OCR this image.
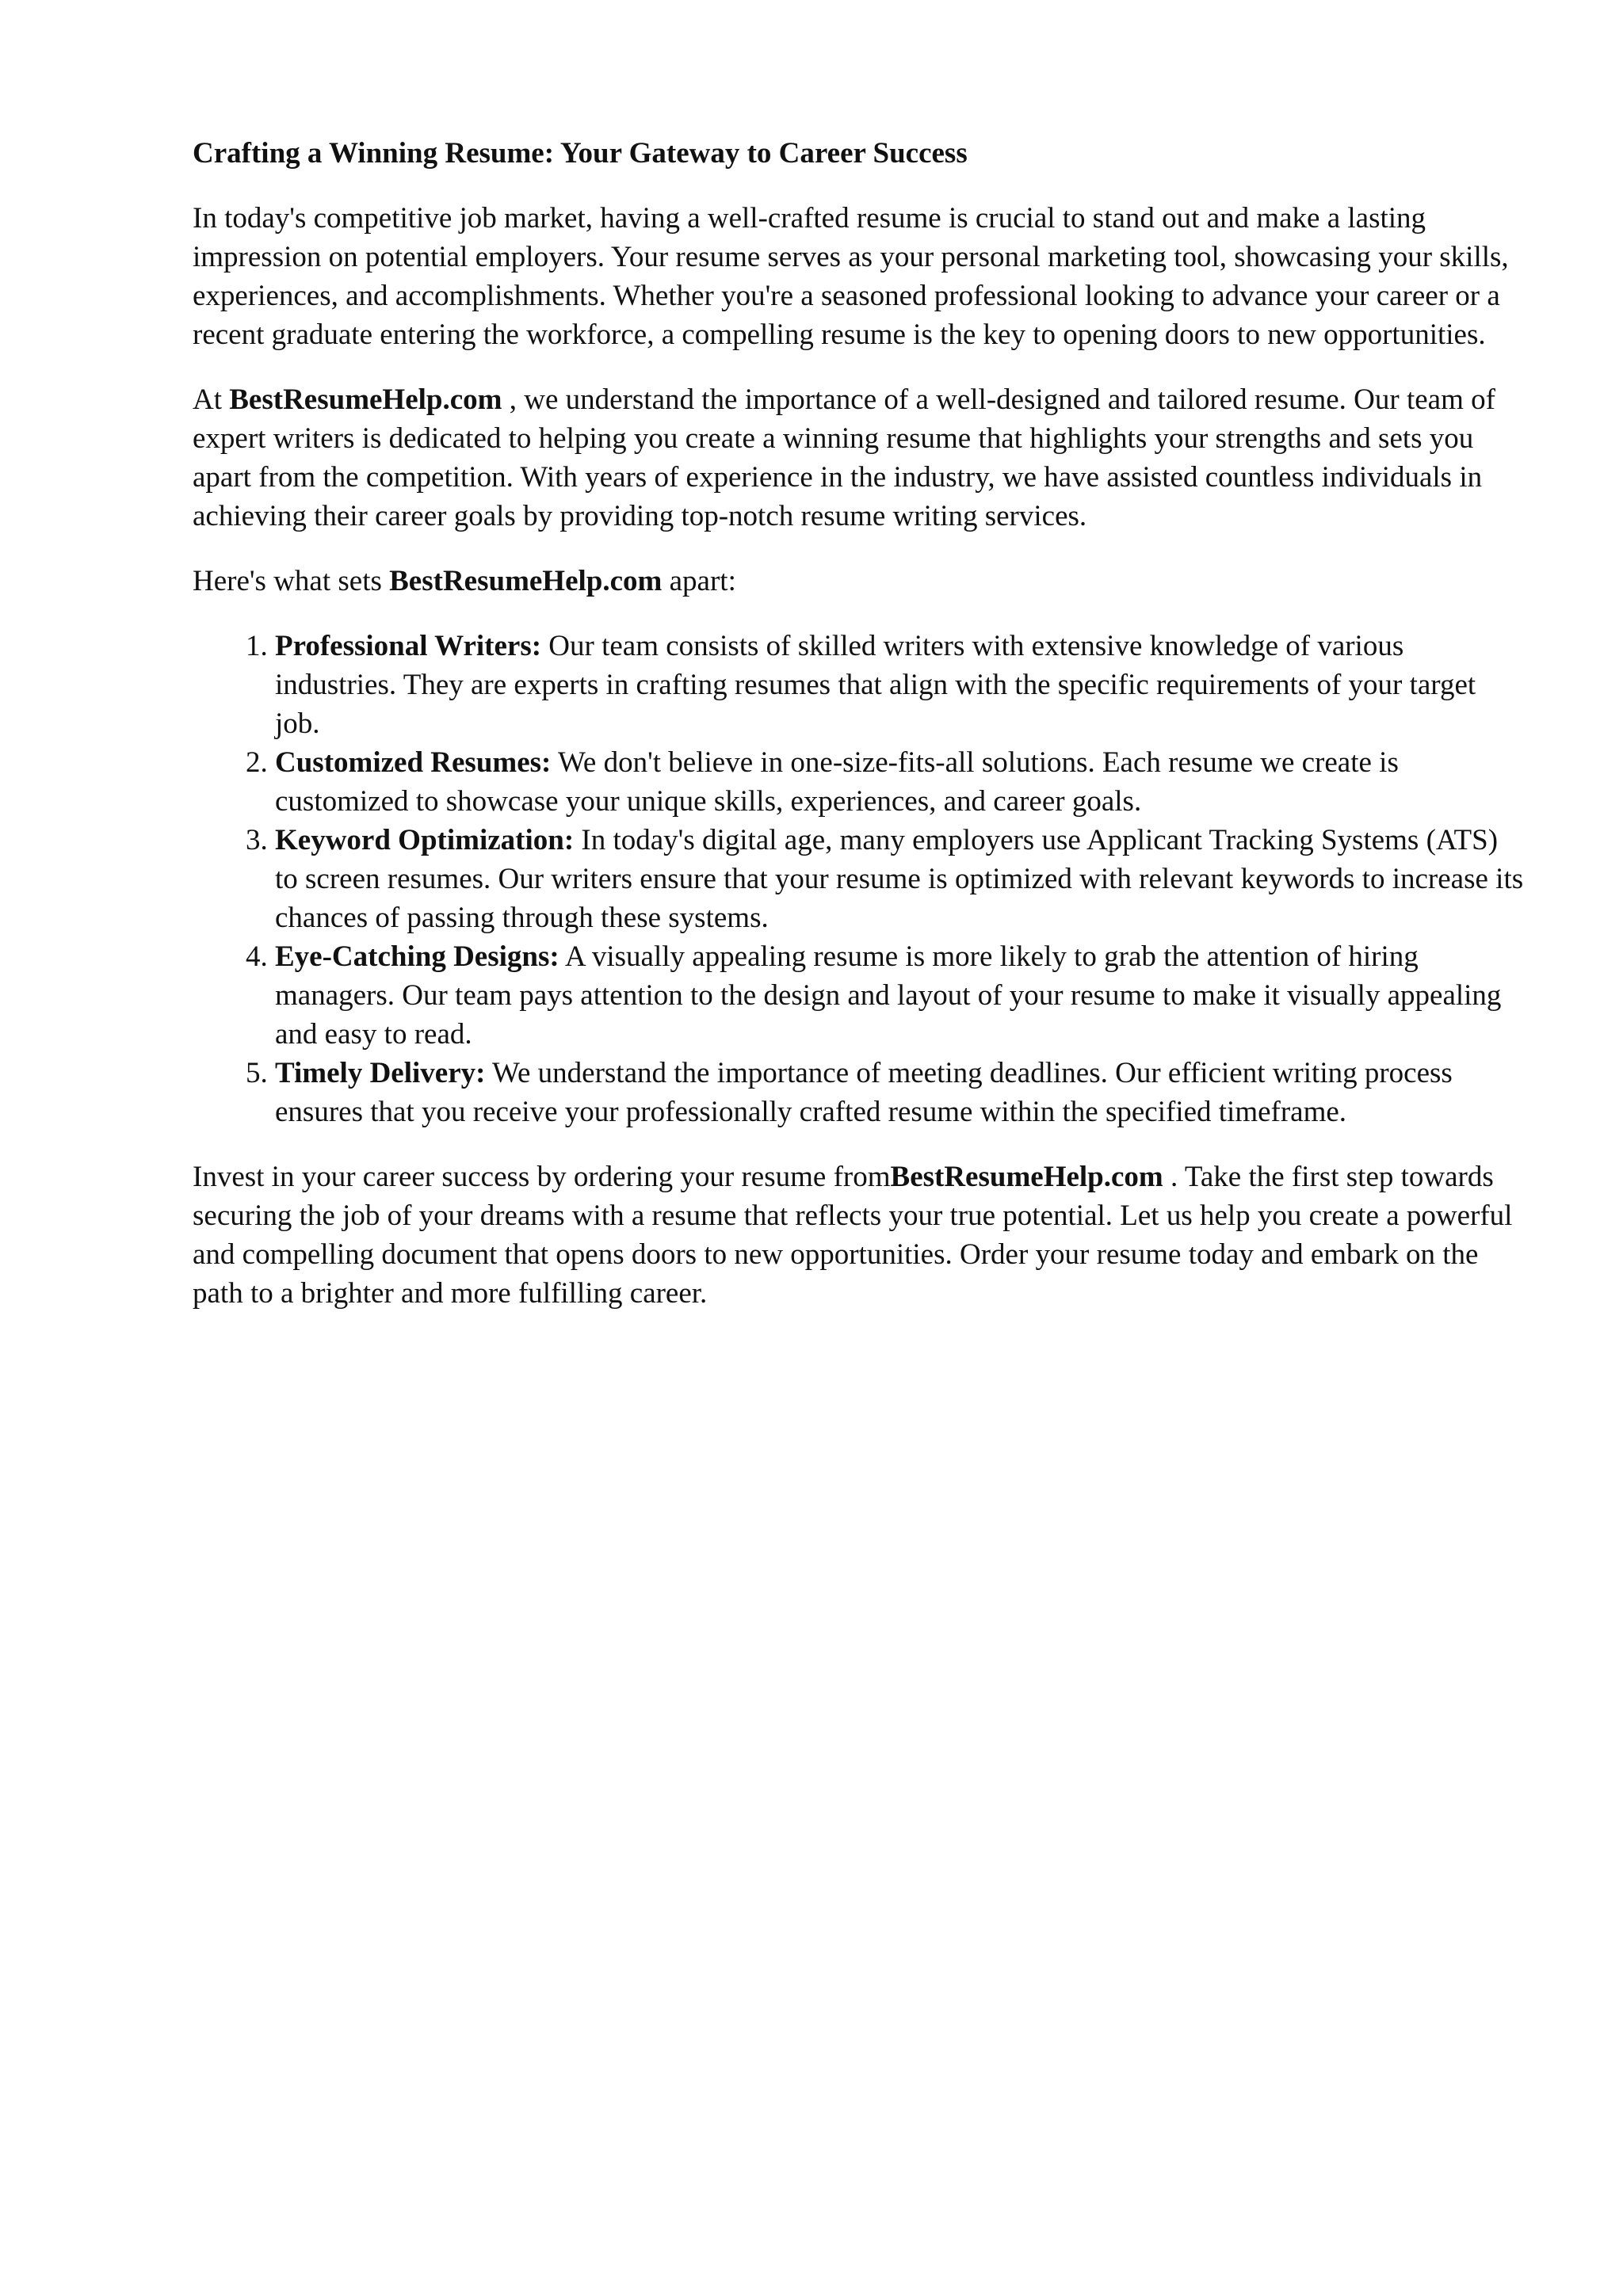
Crafting a Winning Resume: Your Gateway to Career Success

In today's competitive job market, having a well-crafted resume is crucial to stand out and make a lasting impression on potential employers. Your resume serves as your personal marketing tool, showcasing your skills, experiences, and accomplishments. Whether you're a seasoned professional looking to advance your career or a recent graduate entering the workforce, a compelling resume is the key to opening doors to new opportunities.

At BestResumeHelp.com , we understand the importance of a well-designed and tailored resume. Our team of expert writers is dedicated to helping you create a winning resume that highlights your strengths and sets you apart from the competition. With years of experience in the industry, we have assisted countless individuals in achieving their career goals by providing top-notch resume writing services.

Here's what sets BestResumeHelp.com apart:

1. Professional Writers: Our team consists of skilled writers with extensive knowledge of various industries. They are experts in crafting resumes that align with the specific requirements of your target job.
2. Customized Resumes: We don't believe in one-size-fits-all solutions. Each resume we create is customized to showcase your unique skills, experiences, and career goals.
3. Keyword Optimization: In today's digital age, many employers use Applicant Tracking Systems (ATS) to screen resumes. Our writers ensure that your resume is optimized with relevant keywords to increase its chances of passing through these systems.
4. Eye-Catching Designs: A visually appealing resume is more likely to grab the attention of hiring managers. Our team pays attention to the design and layout of your resume to make it visually appealing and easy to read.
5. Timely Delivery: We understand the importance of meeting deadlines. Our efficient writing process ensures that you receive your professionally crafted resume within the specified timeframe.

Invest in your career success by ordering your resume fromBestResumeHelp.com . Take the first step towards securing the job of your dreams with a resume that reflects your true potential. Let us help you create a powerful and compelling document that opens doors to new opportunities. Order your resume today and embark on the path to a brighter and more fulfilling career.
